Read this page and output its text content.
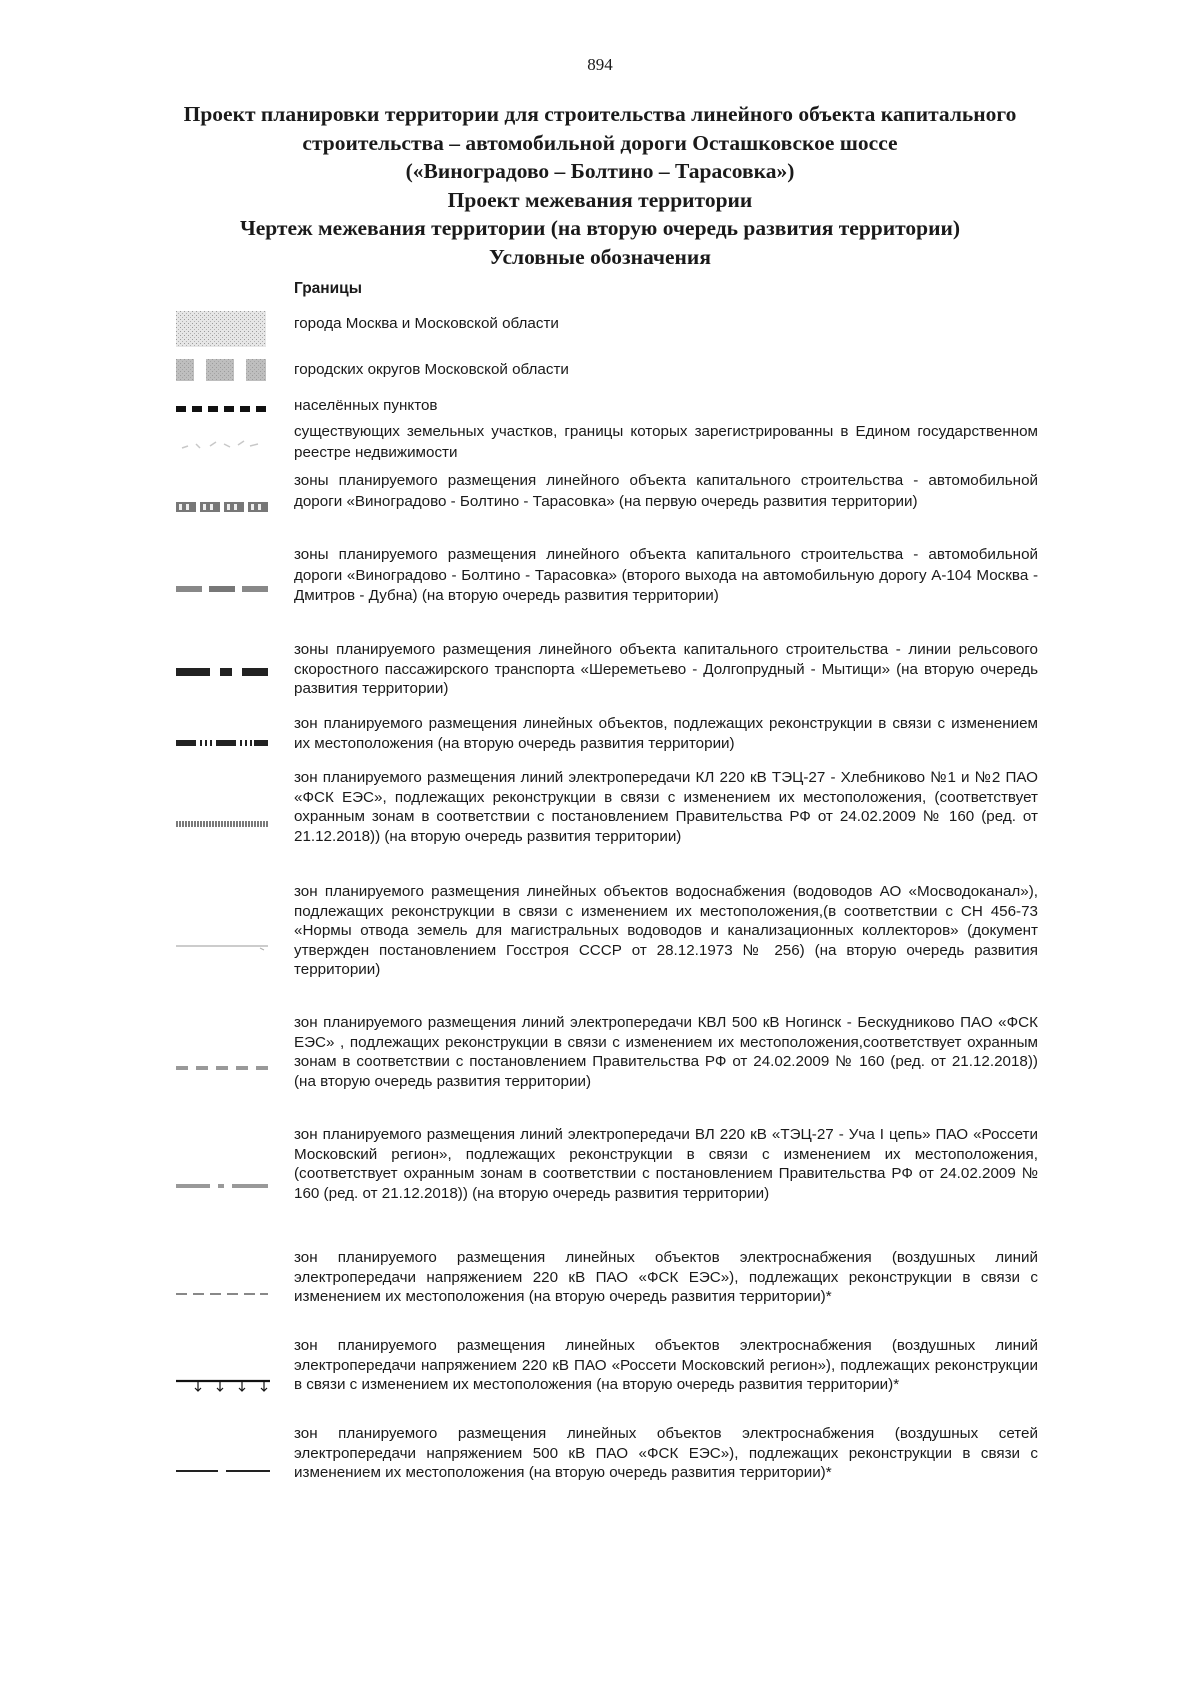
894
Проект планировки территории для строительства линейного объекта капитального
строительства – автомобильной дороги Осташковское шоссе
(«Виноградово – Болтино – Тарасовка»)
Проект межевания территории
Чертеж межевания территории (на вторую очередь развития территории)
Условные обозначения
Границы

города Москва и Московской области

городских округов Московской области

населённых пунктов

существующих земельных участков, границы которых зарегистрированны в Едином государственном реестре недвижимости

зоны планируемого размещения линейного объекта капитального строительства - автомобильной дороги «Виноградово - Болтино - Тарасовка» (на первую очередь развития территории)

зоны планируемого размещения линейного объекта капитального строительства - автомобильной дороги «Виноградово - Болтино - Тарасовка» (второго выхода на автомобильную дорогу А-104 Москва - Дмитров - Дубна) (на вторую очередь развития территории)

зоны планируемого размещения линейного объекта капитального строительства - линии рельсового скоростного пассажирского транспорта «Шереметьево - Долгопрудный - Мытищи» (на вторую очередь развития территории)

зон планируемого размещения линейных объектов, подлежащих реконструкции в связи с изменением их местоположения (на вторую очередь развития территории)

зон планируемого размещения линий электропередачи КЛ 220 кВ ТЭЦ-27 - Хлебниково №1 и №2 ПАО «ФСК ЕЭС», подлежащих реконструкции в связи с изменением их местоположения, (соответствует охранным зонам в соответствии с постановлением Правительства РФ от 24.02.2009 № 160 (ред. от 21.12.2018)) (на вторую очередь развития территории)

зон планируемого размещения линейных объектов водоснабжения (водоводов АО «Мосводоканал»), подлежащих реконструкции в связи с изменением их местоположения,(в соответствии с СН 456-73 «Нормы отвода земель для магистральных водоводов и канализационных коллекторов» (документ утвержден постановлением Госстроя СССР от 28.12.1973 № 256) (на вторую очередь развития территории)

зон планируемого размещения линий электропередачи КВЛ 500 кВ Ногинск - Бескудниково ПАО «ФСК ЕЭС» , подлежащих реконструкции в связи с изменением их местоположения,соответствует охранным зонам в соответствии с постановлением Правительства РФ от 24.02.2009 № 160 (ред. от 21.12.2018)) (на вторую очередь развития территории)

зон планируемого размещения линий электропередачи ВЛ 220 кВ «ТЭЦ-27 - Уча I цепь» ПАО «Россети Московский регион», подлежащих реконструкции в связи с изменением их местоположения, (соответствует охранным зонам в соответствии с постановлением Правительства РФ от 24.02.2009 № 160 (ред. от 21.12.2018)) (на вторую очередь развития территории)

зон планируемого размещения линейных объектов электроснабжения (воздушных линий электропередачи напряжением 220 кВ ПАО «ФСК ЕЭС»), подлежащих реконструкции в связи с изменением их местоположения (на вторую очередь развития территории)*

зон планируемого размещения линейных объектов электроснабжения (воздушных линий электропередачи напряжением 220 кВ ПАО «Россети Московский регион»), подлежащих реконструкции в связи с изменением их местоположения (на вторую очередь развития территории)*

зон планируемого размещения линейных объектов электроснабжения (воздушных сетей электропередачи напряжением 500 кВ ПАО «ФСК ЕЭС»), подлежащих реконструкции в связи с изменением их местоположения (на вторую очередь развития территории)*
